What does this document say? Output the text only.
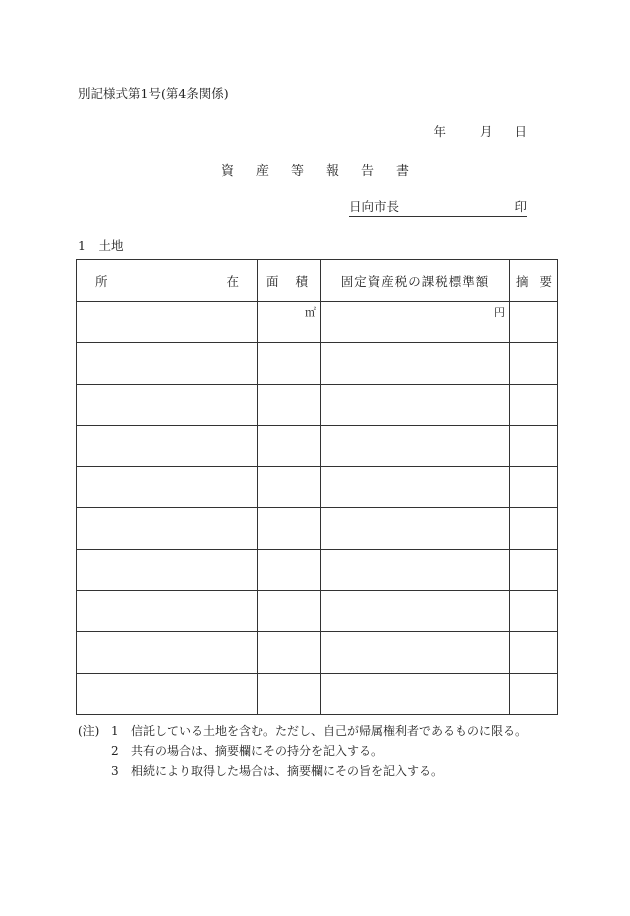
別記様式第1号(第4条関係)
年	月 日
資 産 等 報 告 書
日向市長	印
1　土地
所 在	面 積	固定資産税の課税標準額	摘 要

	㎡	円	

(注) 1	信託している土地を含む。ただし、自己が帰属権利者であるものに限る。
2	共有の場合は、摘要欄にその持分を記入する。
3	相続により取得した場合は、摘要欄にその旨を記入する。
